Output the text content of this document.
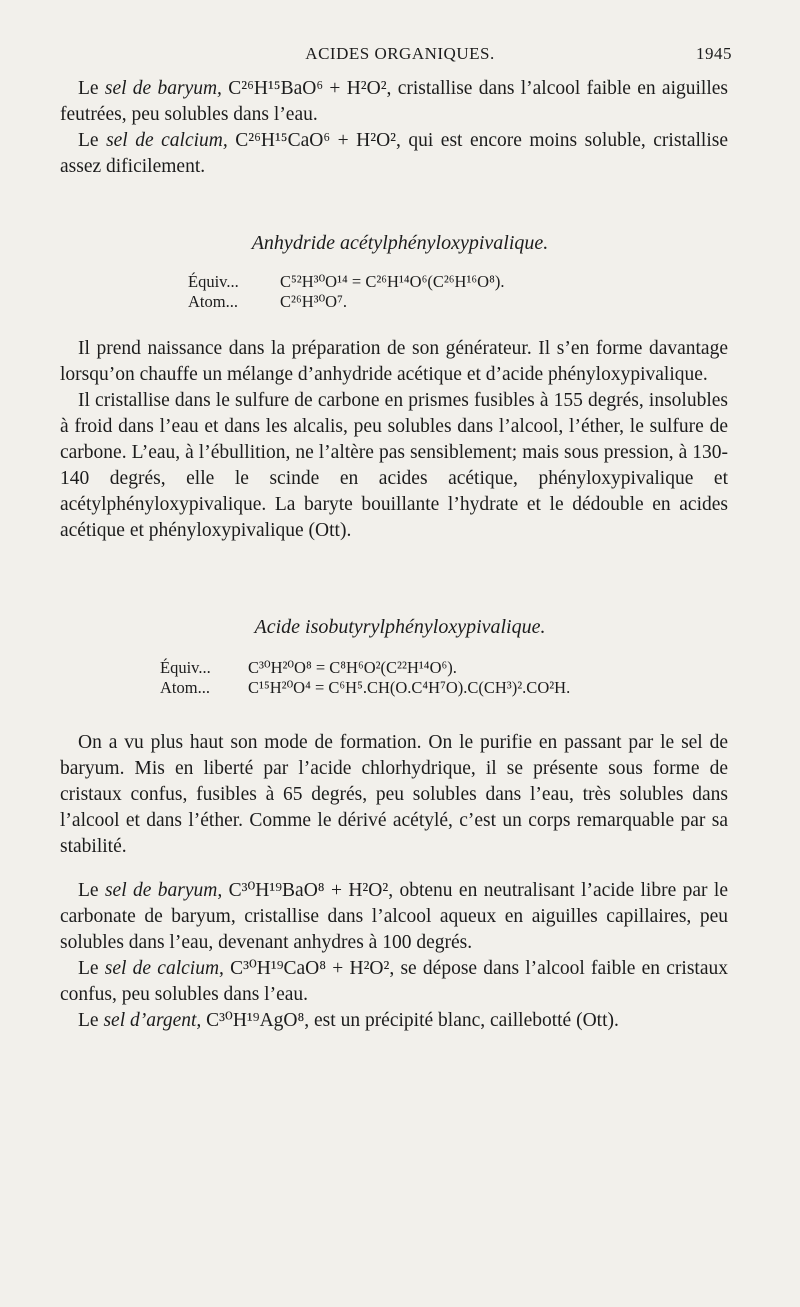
ACIDES ORGANIQUES.	1945

Le sel de baryum, C²⁶H¹⁵BaO⁶ + H²O², cristallise dans l’alcool faible en aiguilles feutrées, peu solubles dans l’eau.

Le sel de calcium, C²⁶H¹⁵CaO⁶ + H²O², qui est encore moins soluble, cristallise assez dificilement.

Anhydride acétylphényloxypivalique.
Équiv...	C⁵²H³⁰O¹⁴ = C²⁶H¹⁴O⁶(C²⁶H¹⁶O⁸).
Atom...	C²⁶H³⁰O⁷.

Il prend naissance dans la préparation de son générateur. Il s’en forme davantage lorsqu’on chauffe un mélange d’anhydride acétique et d’acide phényloxypivalique.

Il cristallise dans le sulfure de carbone en prismes fusibles à 155 degrés, insolubles à froid dans l’eau et dans les alcalis, peu solubles dans l’alcool, l’éther, le sulfure de carbone. L’eau, à l’ébullition, ne l’altère pas sensiblement; mais sous pression, à 130-140 degrés, elle le scinde en acides acétique, phényloxypivalique et acétylphényloxypivalique. La baryte bouillante l’hydrate et le dédouble en acides acétique et phényloxypivalique (Ott).

Acide isobutyrylphényloxypivalique.
Équiv... C³⁰H²⁰O⁸ = C⁸H⁶O²(C²²H¹⁴O⁶).
Atom... C¹⁵H²⁰O⁴ = C⁶H⁵.CH(O.C⁴H⁷O).C(CH³)².CO²H.

On a vu plus haut son mode de formation. On le purifie en passant par le sel de baryum. Mis en liberté par l’acide chlorhydrique, il se présente sous forme de cristaux confus, fusibles à 65 degrés, peu solubles dans l’eau, très solubles dans l’alcool et dans l’éther. Comme le dérivé acétylé, c’est un corps remarquable par sa stabilité.

Le sel de baryum, C³⁰H¹⁹BaO⁸ + H²O², obtenu en neutralisant l’acide libre par le carbonate de baryum, cristallise dans l’alcool aqueux en aiguilles capillaires, peu solubles dans l’eau, devenant anhydres à 100 degrés.

Le sel de calcium, C³⁰H¹⁹CaO⁸ + H²O², se dépose dans l’alcool faible en cristaux confus, peu solubles dans l’eau.

Le sel d’argent, C³⁰H¹⁹AgO⁸, est un précipité blanc, caillebotté (Ott).
